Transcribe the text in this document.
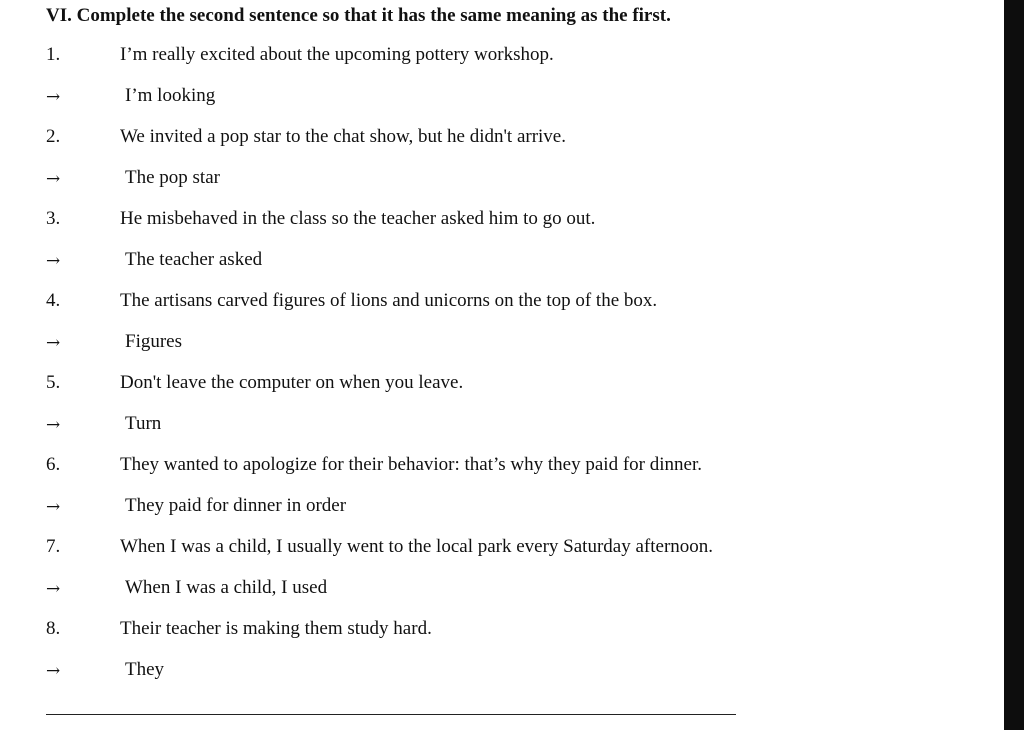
VI. Complete the second sentence so that it has the same meaning as the first.
1.	I’m really excited about the upcoming pottery workshop.
→	I’m looking
2.	We invited a pop star to the chat show, but he didn't arrive.
→	The pop star
3.	He misbehaved in the class so the teacher asked him to go out.
→	The teacher asked
4.	The artisans carved figures of lions and unicorns on the top of the box.
→	Figures
5.	Don't leave the computer on when you leave.
→	Turn
6.	They wanted to apologize for their behavior: that’s why they paid for dinner.
→	They paid for dinner in order
7.	When I was a child, I usually went to the local park every Saturday afternoon.
→	When I was a child, I used
8.	Their teacher is making them study hard.
→	They
